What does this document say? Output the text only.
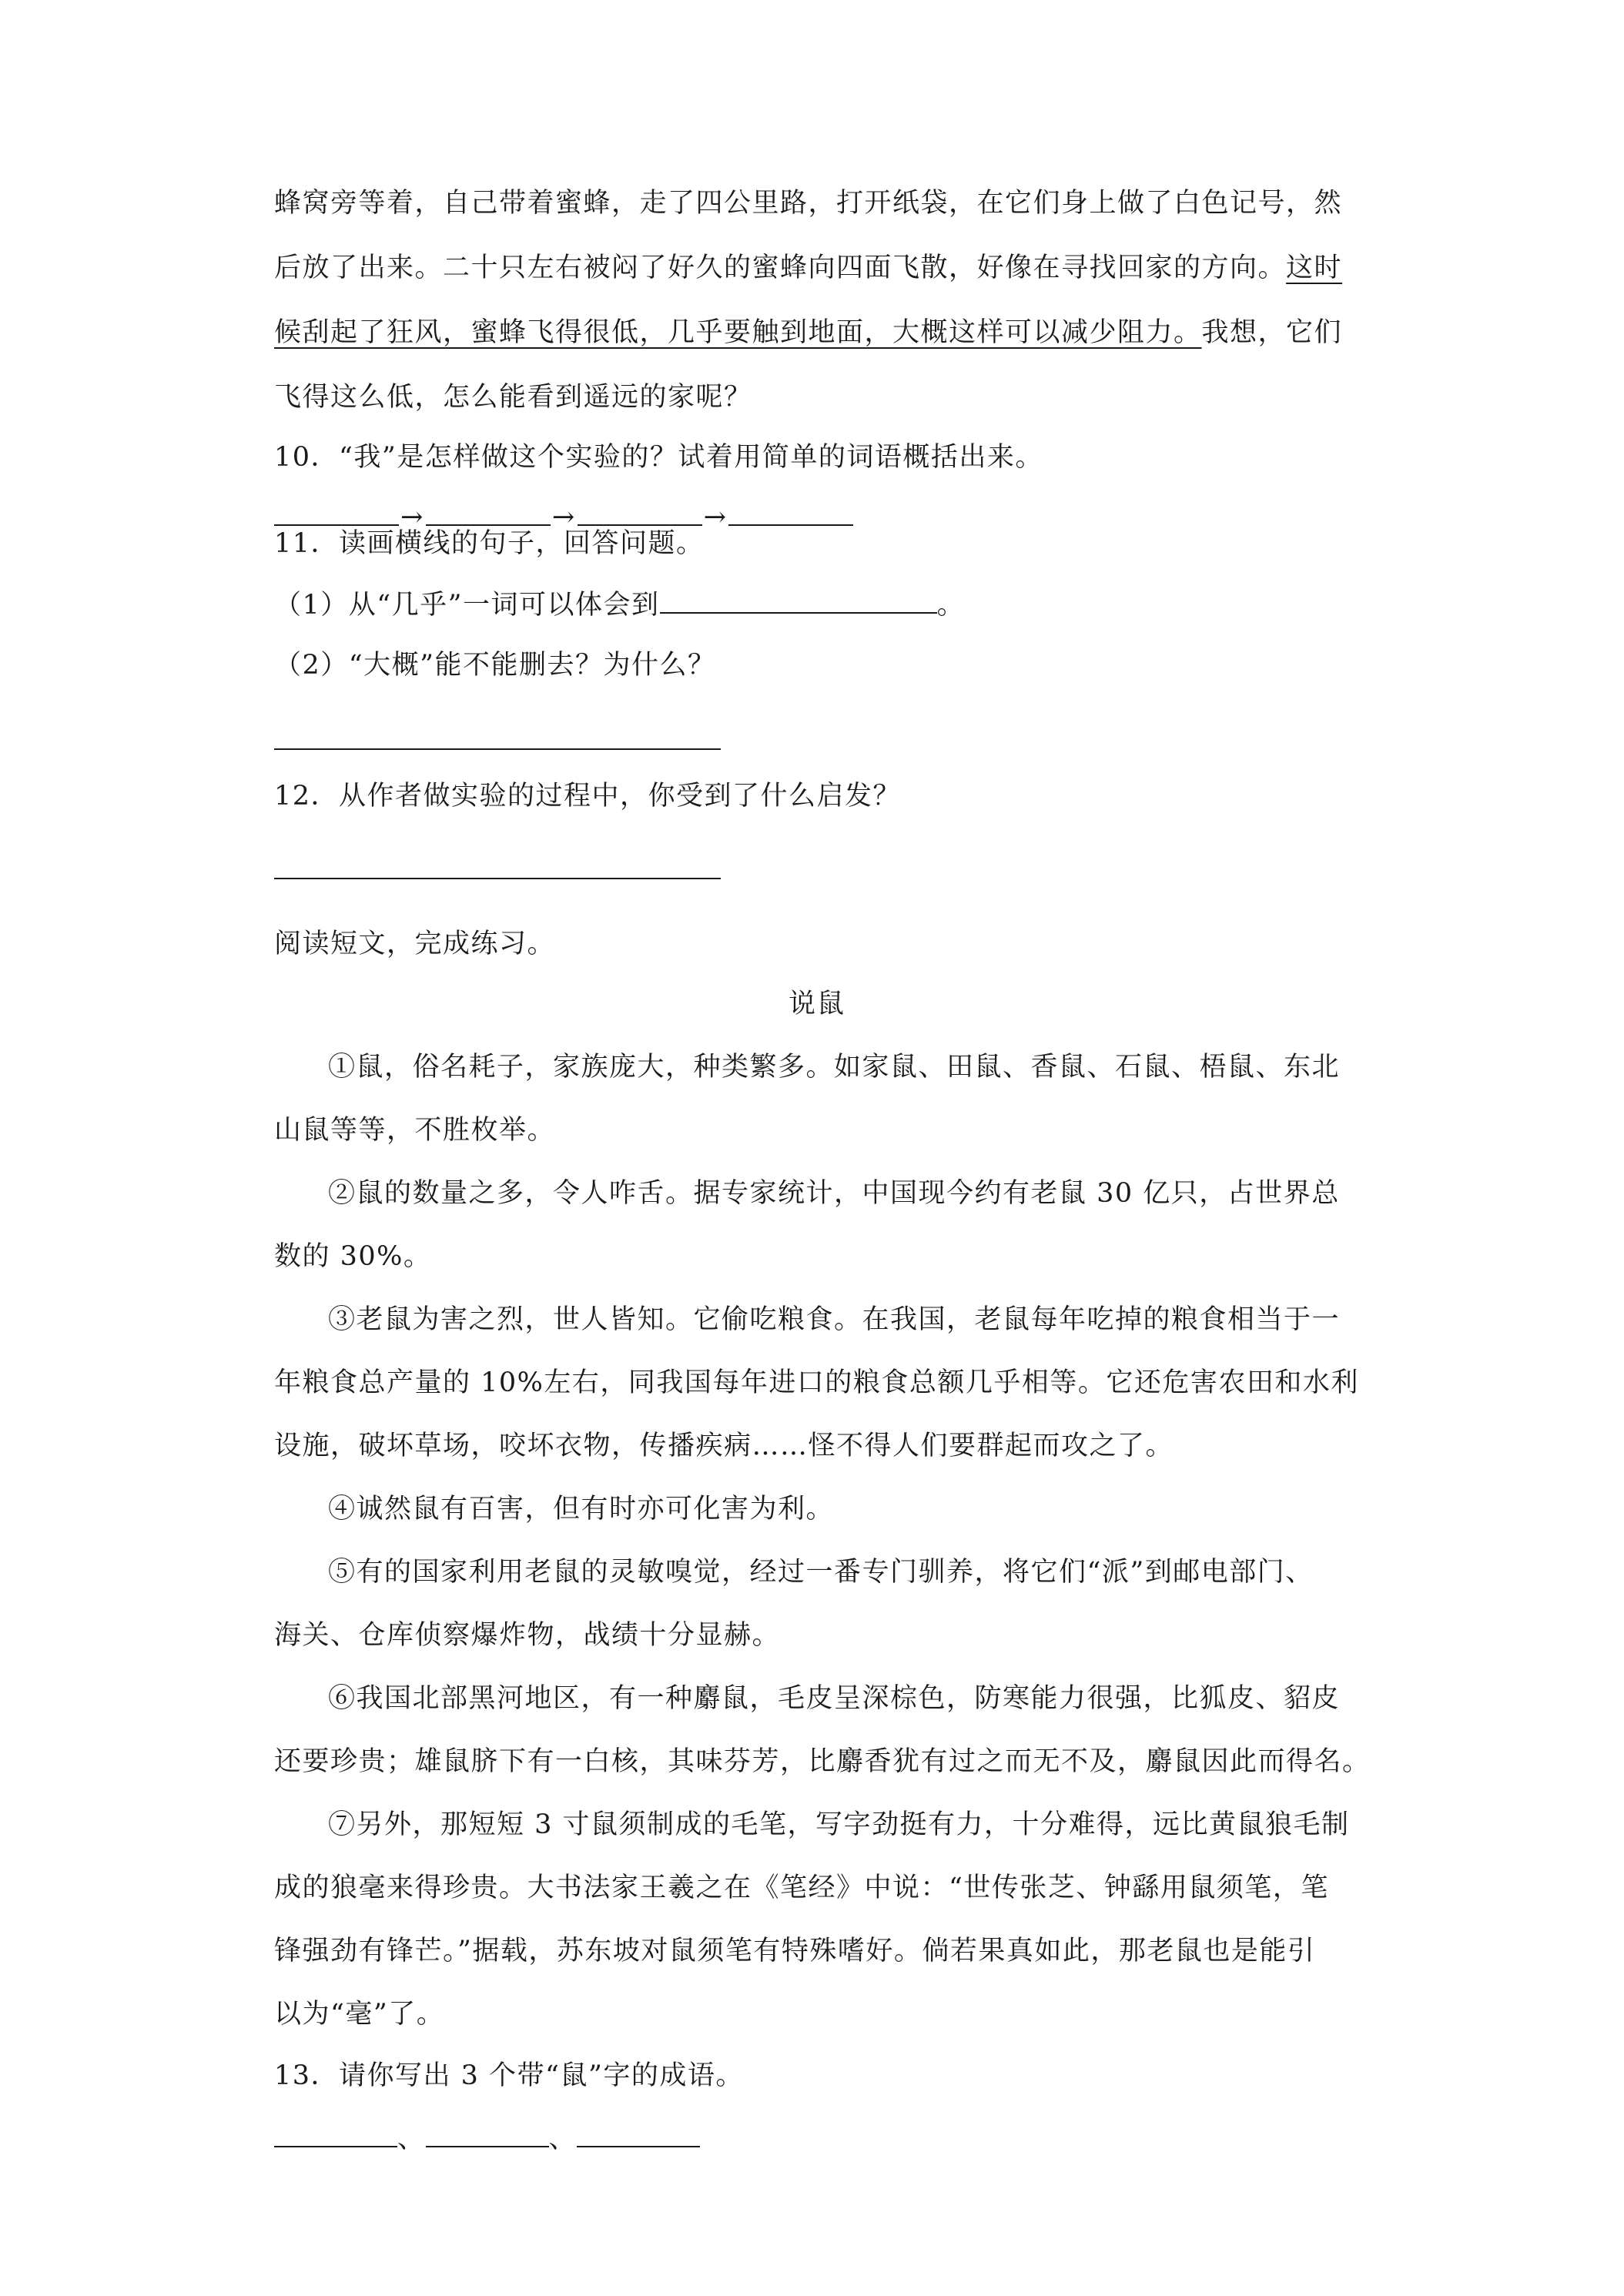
蜂窝旁等着，自己带着蜜蜂，走了四公里路，打开纸袋，在它们身上做了白色记号，然
后放了出来。二十只左右被闷了好久的蜜蜂向四面飞散，好像在寻找回家的方向。这时
候刮起了狂风，蜜蜂飞得很低，几乎要触到地面，大概这样可以减少阻力。我想，它们
飞得这么低，怎么能看到遥远的家呢？
10．“我”是怎样做这个实验的？试着用简单的词语概括出来。
→	→	→
11．读画横线的句子，回答问题。
（1）从“几乎”一词可以体会到	。
（2）“大概”能不能删去？为什么？
12．从作者做实验的过程中，你受到了什么启发？
阅读短文，完成练习。
说鼠
①鼠，俗名耗子，家族庞大，种类繁多。如家鼠、田鼠、香鼠、石鼠、梧鼠、东北
山鼠等等，不胜枚举。
②鼠的数量之多，令人咋舌。据专家统计，中国现今约有老鼠 30 亿只，占世界总
数的 30%。
③老鼠为害之烈，世人皆知。它偷吃粮食。在我国，老鼠每年吃掉的粮食相当于一
年粮食总产量的 10%左右，同我国每年进口的粮食总额几乎相等。它还危害农田和水利
设施，破坏草场，咬坏衣物，传播疾病……怪不得人们要群起而攻之了。
④诚然鼠有百害，但有时亦可化害为利。
⑤有的国家利用老鼠的灵敏嗅觉，经过一番专门驯养，将它们“派”到邮电部门、
海关、仓库侦察爆炸物，战绩十分显赫。
⑥我国北部黑河地区，有一种麝鼠，毛皮呈深棕色，防寒能力很强，比狐皮、貂皮
还要珍贵；雄鼠脐下有一白核，其味芬芳，比麝香犹有过之而无不及，麝鼠因此而得名。
⑦另外，那短短 3 寸鼠须制成的毛笔，写字劲挺有力，十分难得，远比黄鼠狼毛制
成的狼毫来得珍贵。大书法家王羲之在《笔经》中说：“世传张芝、钟繇用鼠须笔，笔
锋强劲有锋芒。”据载，苏东坡对鼠须笔有特殊嗜好。倘若果真如此，那老鼠也是能引
以为“毫”了。
13．请你写出 3 个带“鼠”字的成语。
、	、
